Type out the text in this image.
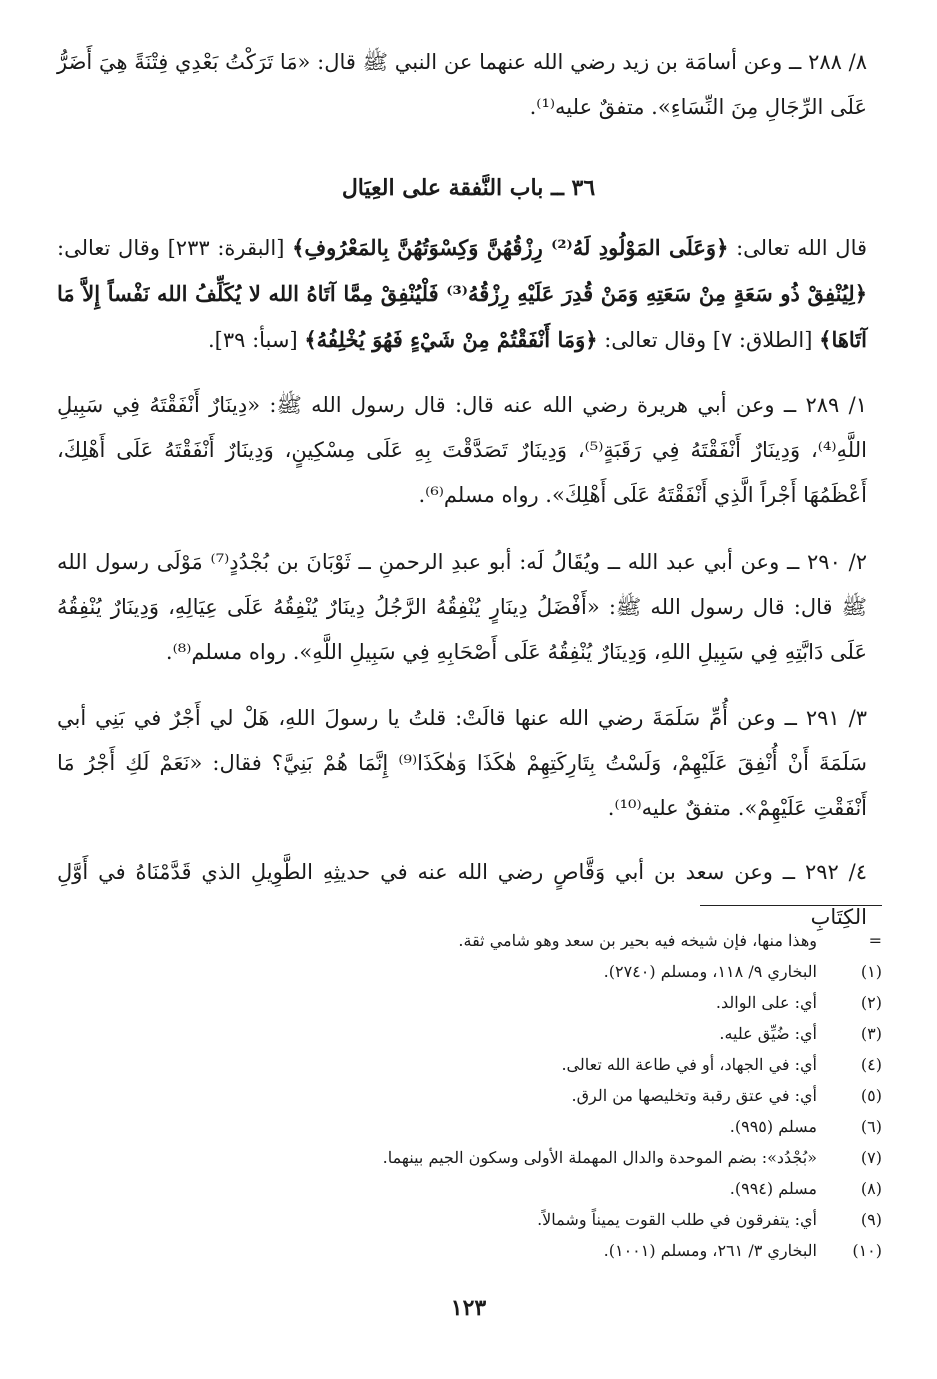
٨/ ٢٨٨ ــ وعن أسامَة بن زيد رضي الله عنهما عن النبي ﷺ قال: «مَا تَرَكْتُ بَعْدِي فِتْنَةً هِيَ أَضَرُّ عَلَى الرِّجَالِ مِنَ النِّسَاءِ». متفقٌ عليه⁽¹⁾.

٣٦ ــ باب النَّفقة على العِيَال

قال الله تعالى: ﴿وَعَلَى المَوْلُودِ لَهُ⁽²⁾ رِزْقُهُنَّ وَكِسْوَتُهُنَّ بِالمَعْرُوفِ﴾ [البقرة: ٢٣٣] وقال تعالى: ﴿لِيُنْفِقْ ذُو سَعَةٍ مِنْ سَعَتِهِ وَمَنْ قُدِرَ عَلَيْهِ رِزْقُهُ⁽³⁾ فَلْيُنْفِقْ مِمَّا آتَاهُ الله لا يُكَلِّفُ الله نَفْساً إِلاَّ مَا آتَاهَا﴾ [الطلاق: ٧] وقال تعالى: ﴿وَمَا أَنْفَقْتُمْ مِنْ شَيْءٍ فَهُوَ يُخْلِفُهُ﴾ [سبأ: ٣٩].

١/ ٢٨٩ ــ وعن أبي هريرة رضي الله عنه قال: قال رسول الله ﷺ: «دِينَارٌ أَنْفَقْتَهُ فِي سَبِيلِ اللَّهِ⁽⁴⁾، وَدِينَارٌ أَنْفَقْتَهُ فِي رَقَبَةٍ⁽⁵⁾، وَدِينَارٌ تَصَدَّقْتَ بِهِ عَلَى مِسْكِينٍ، وَدِينَارٌ أَنْفَقْتَهُ عَلَى أَهْلِكَ، أَعْظَمُهَا أَجْراً الَّذِي أَنْفَقْتَهُ عَلَى أَهْلِكَ». رواه مسلم⁽⁶⁾.

٢/ ٢٩٠ ــ وعن أبي عبد الله ــ ويُقَالُ لَه: أبو عبدِ الرحمنِ ــ ثَوْبَانَ بن بُجْدُدٍ⁽⁷⁾ مَوْلَى رسول الله ﷺ قال: قال رسول الله ﷺ: «أَفْضَلُ دِينَارٍ يُنْفِقُهُ الرَّجُلُ دِينَارٌ يُنْفِقُهُ عَلَى عِيَالِهِ، وَدِينَارٌ يُنْفِقُهُ عَلَى دَابَّتِهِ فِي سَبِيلِ اللهِ، وَدِينَارٌ يُنْفِقُهُ عَلَى أَصْحَابِهِ فِي سَبِيلِ اللَّهِ». رواه مسلم⁽⁸⁾.

٣/ ٢٩١ ــ وعن أُمِّ سَلَمَةَ رضي الله عنها قالَتْ: قلتُ يا رسولَ اللهِ، هَلْ لي أَجْرٌ في بَنِي أبي سَلَمَةَ أَنْ أُنْفِقَ عَلَيْهِمْ، وَلَسْتُ بِتَارِكَتِهِمْ هٰكَذَا وَهٰكَذَا⁽⁹⁾ إِنَّمَا هُمْ بَنِيَّ؟ فقال: «نَعَمْ لَكِ أَجْرُ مَا أَنْفَقْتِ عَلَيْهِمْ». متفقٌ عليه⁽¹⁰⁾.

٤/ ٢٩٢ ــ وعن سعد بن أبي وَقَّاصٍ رضي الله عنه في حديثِهِ الطَّوِيلِ الذي قَدَّمْنَاهُ في أَوَّلِ الكِتَابِ

=
وهذا منها، فإن شيخه فيه بحير بن سعد وهو شامي ثقة.
(١)
البخاري ٩/ ١١٨، ومسلم (٢٧٤٠).
(٢)
أي: على الوالد.
(٣)
أي: ضُيِّق عليه.
(٤)
أي: في الجهاد، أو في طاعة الله تعالى.
(٥)
أي: في عتق رقبة وتخليصها من الرق.
(٦)
مسلم (٩٩٥).
(٧)
«بُجْدُد»: بضم الموحدة والدال المهملة الأولى وسكون الجيم بينهما.
(٨)
مسلم (٩٩٤).
(٩)
أي: يتفرقون في طلب القوت يميناً وشمالاً.
(١٠)
البخاري ٣/ ٢٦١، ومسلم (١٠٠١).
١٢٣
